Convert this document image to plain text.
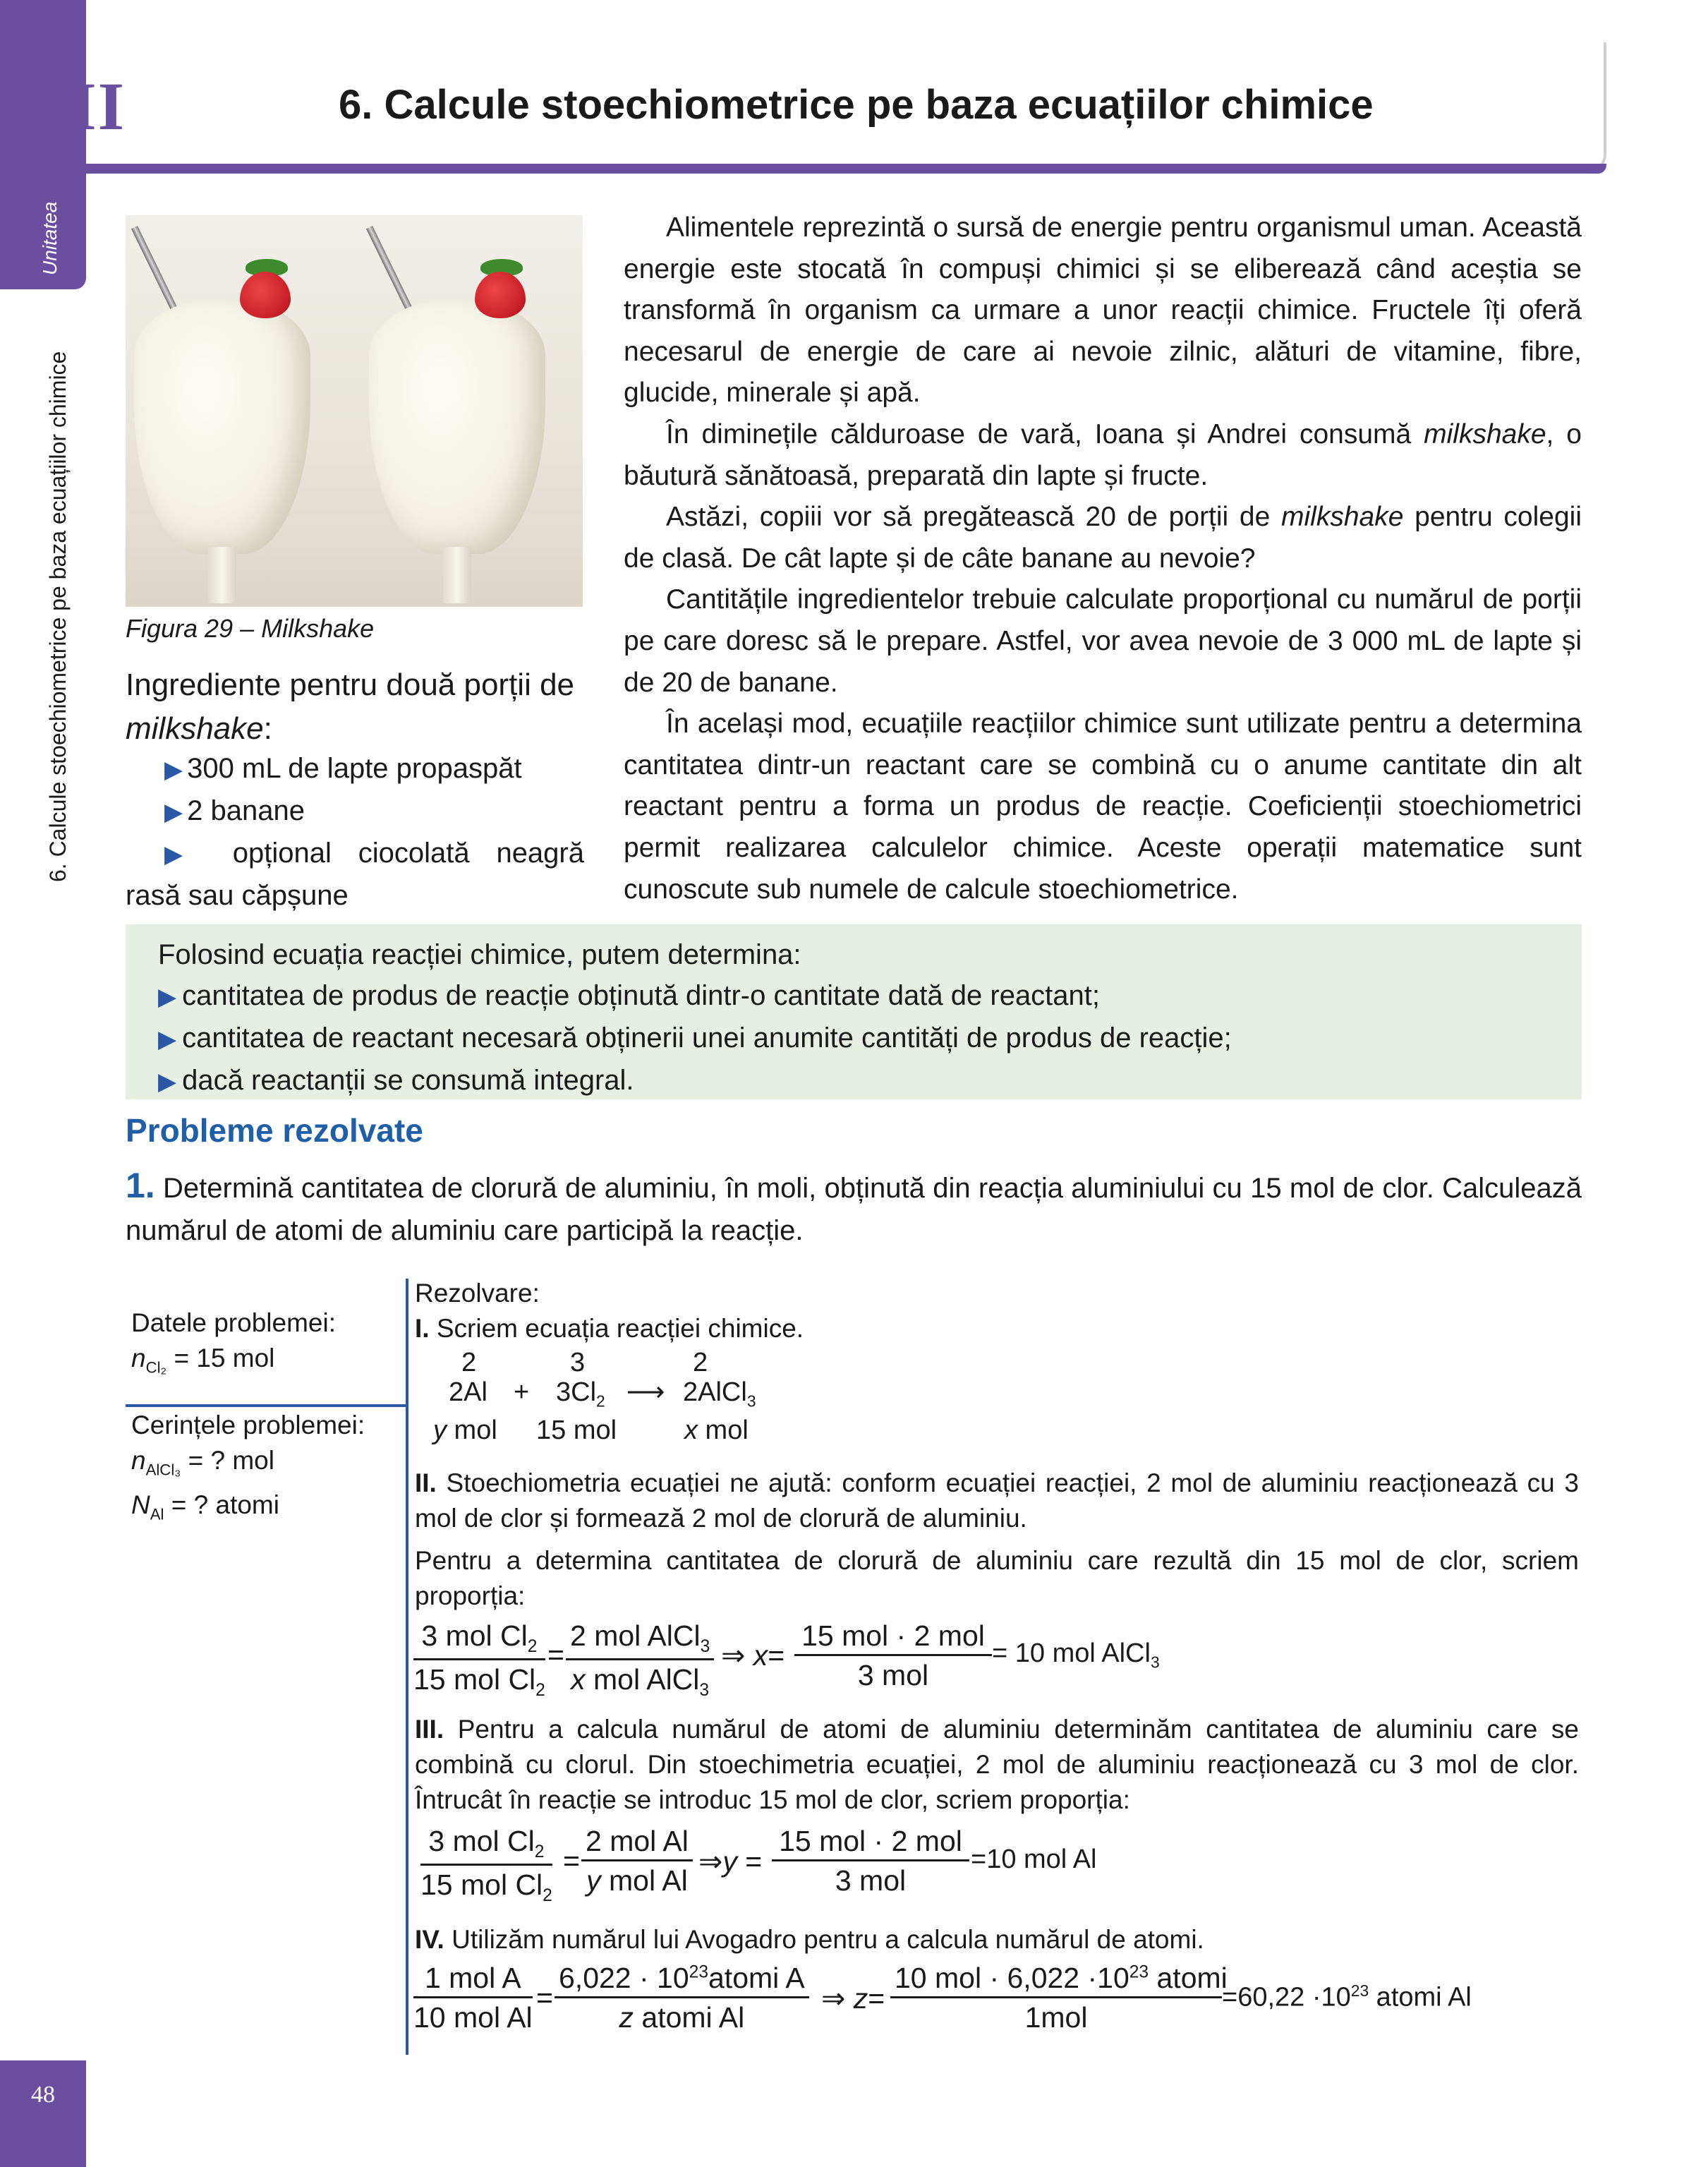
Unitatea
6. Calcule stoechiometrice pe baza ecuațiilor chimice
48
III	6. Calcule stoechiometrice pe baza ecuațiilor chimice
Figura 29 – Milkshake
Ingrediente pentru două porții de milkshake:
▶ 300 mL de lapte propaspăt
▶ 2 banane
▶ opțional ciocolată neagră
rasă sau căpșune

Alimentele reprezintă o sursă de energie pentru organismul uman. Această energie este stocată în compuși chimici și se eliberează când aceștia se transformă în organism ca urmare a unor reacții chimice. Fructele îți oferă necesarul de energie de care ai nevoie zilnic, alături de vitamine, fibre, glucide, minerale și apă.

În diminețile călduroase de vară, Ioana și Andrei consumă milkshake, o băutură sănătoasă, preparată din lapte și fructe.

Astăzi, copiii vor să pregătească 20 de porții de milkshake pentru colegii de clasă. De cât lapte și de câte banane au nevoie?

Cantitățile ingredientelor trebuie calculate proporțional cu numărul de porții pe care doresc să le prepare. Astfel, vor avea nevoie de 3 000 mL de lapte și de 20 de banane.

În același mod, ecuațiile reacțiilor chimice sunt utilizate pentru a determina cantitatea dintr-un reactant care se combină cu o anume cantitate din alt reactant pentru a forma un produs de reacție. Coeficienții stoechiometrici permit realizarea calculelor chimice. Aceste operații matematice sunt cunoscute sub numele de calcule stoechiometrice.

Folosind ecuația reacției chimice, putem determina:
▶ cantitatea de produs de reacție obținută dintr-o cantitate dată de reactant;
▶ cantitatea de reactant necesară obținerii unei anumite cantități de produs de reacție;
▶ dacă reactanții se consumă integral.
Probleme rezolvate
1. Determină cantitatea de clorură de aluminiu, în moli, obținută din reacția aluminiului cu 15 mol de clor. Calculează numărul de atomi de aluminiu care participă la reacție.
Datele problemei:
$n_{Cl_2} = 15$ mol
Cerințele problemei:
$n_{AlCl_3}$ = ? mol
$N_{Al}$ = ? atomi
Rezolvare:
I. Scriem ecuația reacției chimice.
2	3	2
$2Al + 3Cl_2$ ⟶ 2AlCl$_3$
y mol 15 mol	x mol
II. Stoechiometria ecuației ne ajută: conform ecuației reacției, 2 mol de aluminiu reacționează cu 3 mol de clor și formează 2 mol de clorură de aluminiu.
Pentru a determina cantitatea de clorură de aluminiu care rezultă din 15 mol de clor, scriem proporția:
3 mol $Cl_2$
15 mol $Cl_2$
=
2 mol AlCl$_3$
x mol AlCl$_3$
⇒ x=
15 mol · 2 mol
3 mol
= 10 mol AlCl$_3$
III. Pentru a calcula numărul de atomi de aluminiu determinăm cantitatea de aluminiu care se combină cu clorul. Din stoechimetria ecuației, 2 mol de aluminiu reacționează cu 3 mol de clor. Întrucât în reacție se introduc 15 mol de clor, scriem proporția:
3 mol $Cl_2$
15 mol $Cl_2$
=
2 mol Al
y mol Al
⇒y =
15 mol · 2 mol
3 mol
=10 mol Al
IV. Utilizăm numărul lui Avogadro pentru a calcula numărul de atomi.
1 mol A
10 mol Al
=
$6,022 \cdot 10^{23}atomi$ A
z atomi Al
⇒ z=
10 mol · $6,022 \cdot 10^{23}$ atomi
1mol
$=60,22 \cdot 10^{23}$ atomi Al
